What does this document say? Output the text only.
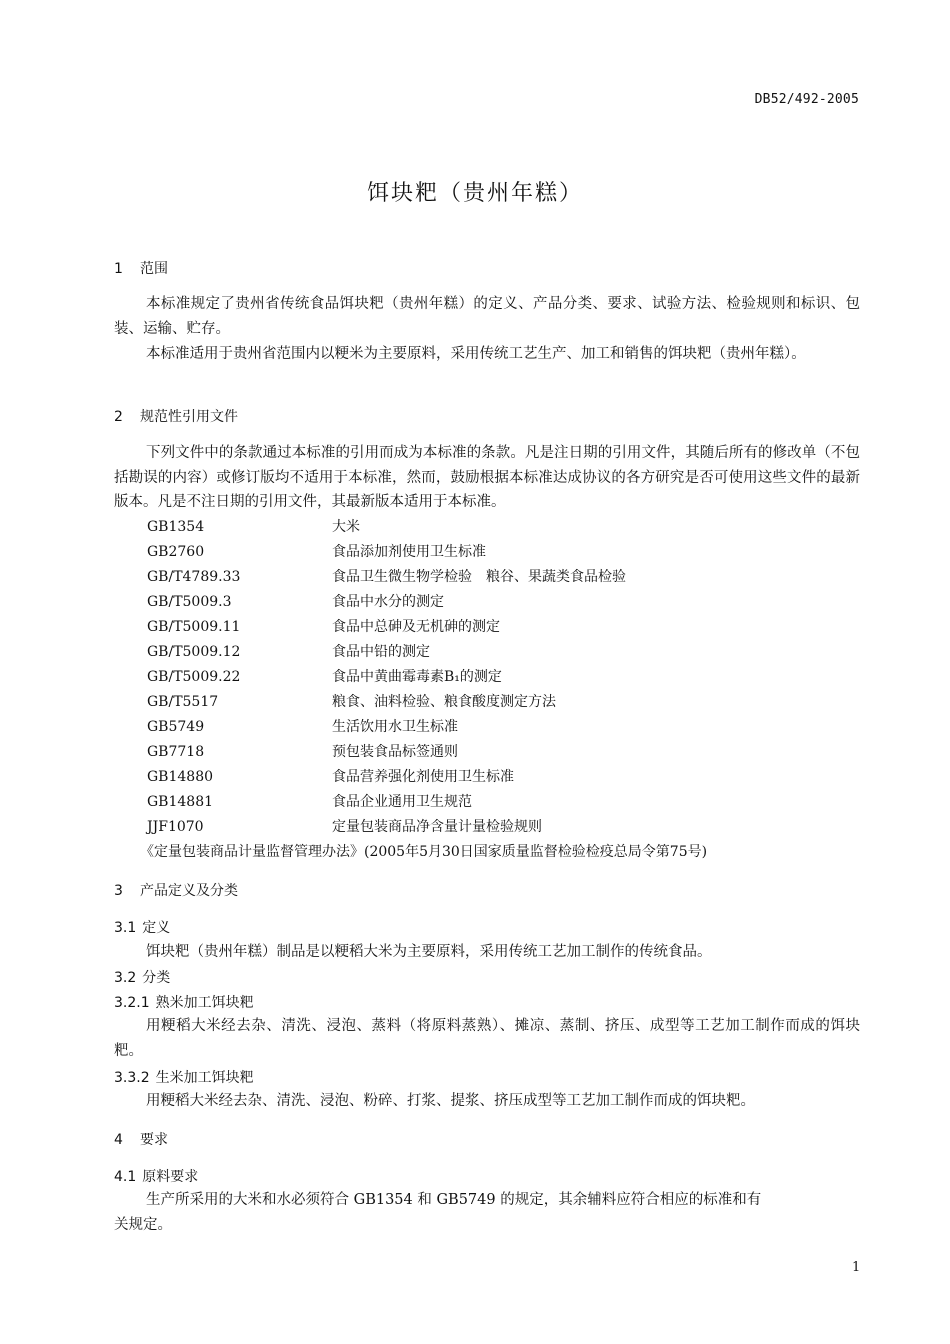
DB52/492-2005
饵块粑（贵州年糕）
1 范围
本标准规定了贵州省传统食品饵块粑（贵州年糕）的定义、产品分类、要求、试验方法、检验规则和标识、包装、运输、贮存。
本标准适用于贵州省范围内以粳米为主要原料，采用传统工艺生产、加工和销售的饵块粑（贵州年糕）。
2 规范性引用文件
下列文件中的条款通过本标准的引用而成为本标准的条款。凡是注日期的引用文件，其随后所有的修改单（不包括勘误的内容）或修订版均不适用于本标准，然而，鼓励根据本标准达成协议的各方研究是否可使用这些文件的最新版本。凡是不注日期的引用文件，其最新版本适用于本标准。
GB1354	大米
GB2760	食品添加剂使用卫生标准
GB/T4789.33	食品卫生微生物学检验　粮谷、果蔬类食品检验
GB/T5009.3	食品中水分的测定
GB/T5009.11	食品中总砷及无机砷的测定
GB/T5009.12	食品中铅的测定
GB/T5009.22	食品中黄曲霉毒素B₁的测定
GB/T5517	粮食、油料检验、粮食酸度测定方法
GB5749	生活饮用水卫生标准
GB7718	预包装食品标签通则
GB14880	食品营养强化剂使用卫生标准
GB14881	食品企业通用卫生规范
JJF1070	定量包装商品净含量计量检验规则
《定量包装商品计量监督管理办法》(2005年5月30日国家质量监督检验检疫总局令第75号)
3 产品定义及分类
3.1 定义
饵块粑（贵州年糕）制品是以粳稻大米为主要原料，采用传统工艺加工制作的传统食品。
3.2 分类
3.2.1 熟米加工饵块粑
用粳稻大米经去杂、清洗、浸泡、蒸料（将原料蒸熟）、摊凉、蒸制、挤压、成型等工艺加工制作而成的饵块粑。
3.3.2 生米加工饵块粑
用粳稻大米经去杂、清洗、浸泡、粉碎、打浆、提浆、挤压成型等工艺加工制作而成的饵块粑。
4 要求
4.1 原料要求
生产所采用的大米和水必须符合 GB1354 和 GB5749 的规定，其余辅料应符合相应的标准和有
关规定。
1
